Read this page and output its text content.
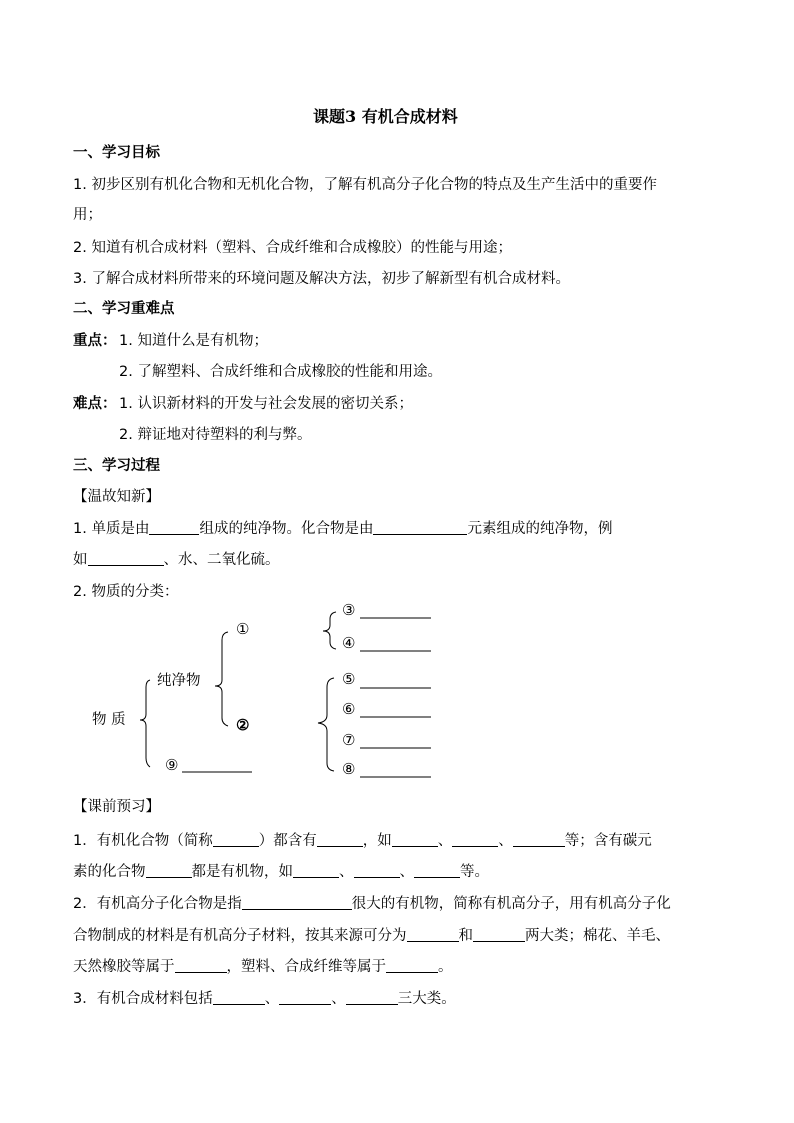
课题3 有机合成材料
一、学习目标
1. 初步区别有机化合物和无机化合物，了解有机高分子化合物的特点及生产生活中的重要作
用；
2. 知道有机合成材料（塑料、合成纤维和合成橡胶）的性能与用途；
3. 了解合成材料所带来的环境问题及解决方法，初步了解新型有机合成材料。
二、学习重难点
重点： 1. 知道什么是有机物；
2. 了解塑料、合成纤维和合成橡胶的性能和用途。
难点： 1. 认识新材料的开发与社会发展的密切关系；
2. 辩证地对待塑料的利与弊。
三、学习过程
【温故知新】
1. 单质是由	组成的纯净物。化合物是由	元素组成的纯净物，例
如	、水、二氧化硫。
2. 物质的分类：
物 质
纯净物
①
②
③
④
⑤
⑥
⑦
⑧
⑨
【课前预习】
1．有机化合物（简称	）都含有	，如	、	、	等；含有碳元
素的化合物	都是有机物，如	、	、	等。
2．有机高分子化合物是指	很大的有机物，简称有机高分子，用有机高分子化
合物制成的材料是有机高分子材料，按其来源可分为	和	两大类；棉花、羊毛、
天然橡胶等属于	，塑料、合成纤维等属于	。
3．有机合成材料包括	、	、	三大类。
